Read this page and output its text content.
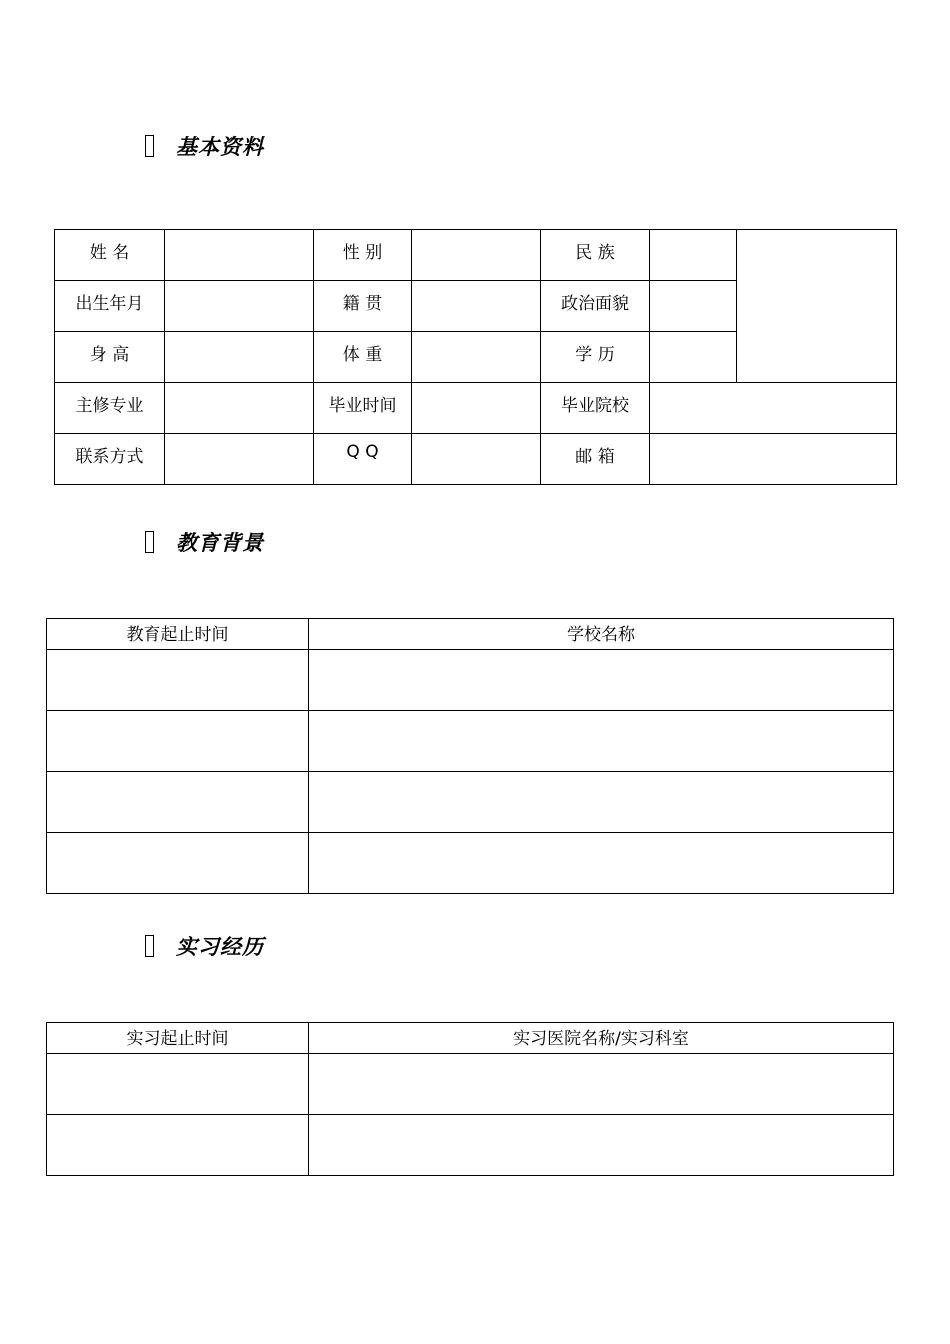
基本资料
姓 名		性 别		民 族		
出生年月		籍 贯		政治面貌		
身 高		体 重		学 历		
主修专业		毕业时间		毕业院校		
联系方式		Q Q		邮 箱		
教育背景
教育起止时间	学校名称

实习经历
实习起止时间	实习医院名称/实习科室
